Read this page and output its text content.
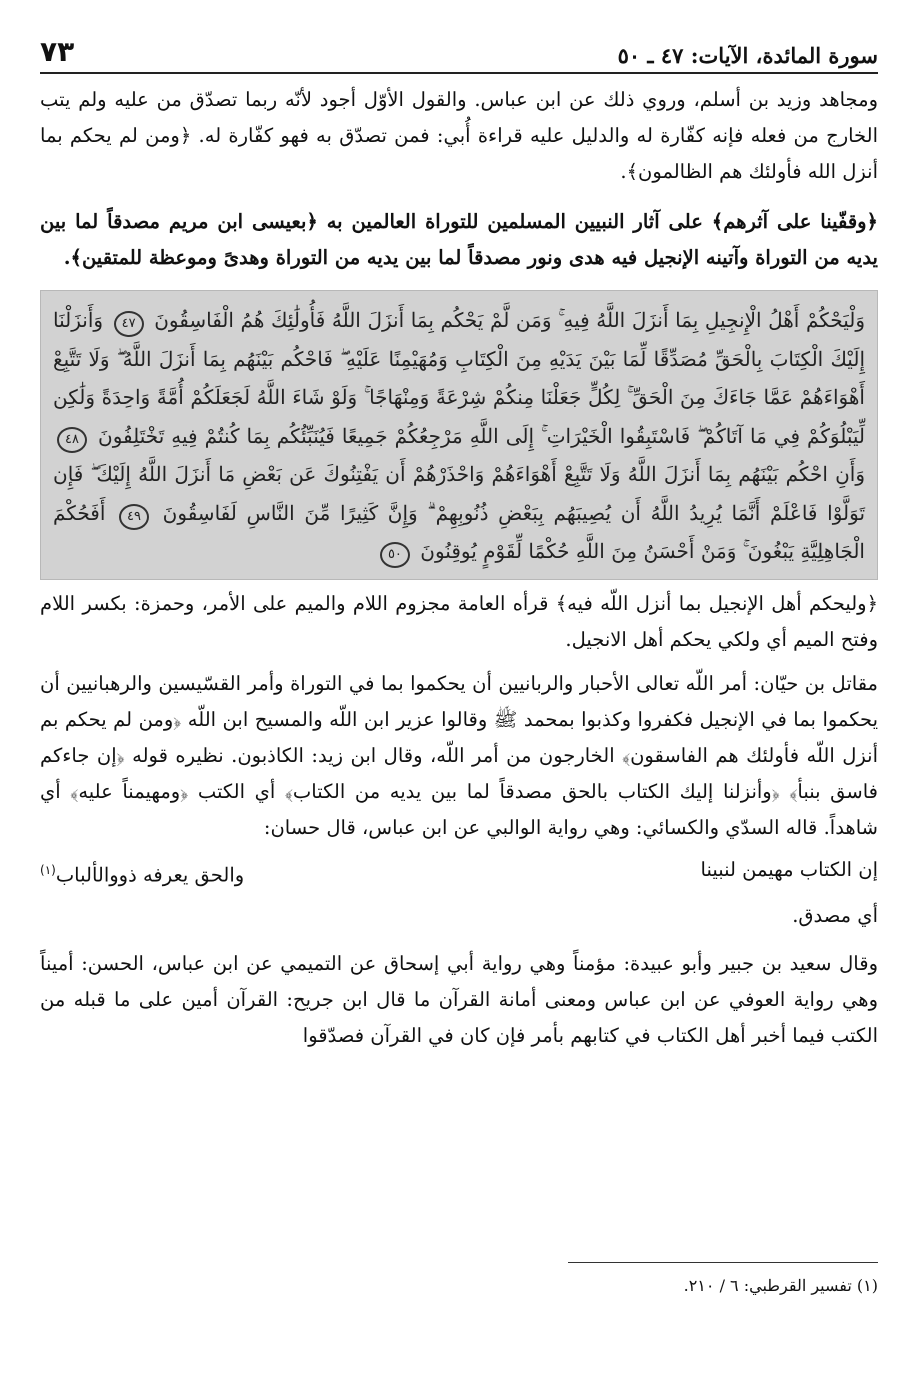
سورة المائدة، الآيات: ٤٧ ـ ٥٠
٧٣

ومجاهد وزيد بن أسلم، وروي ذلك عن ابن عباس. والقول الأوّل أجود لأنّه ربما تصدّق من عليه ولم يتب الخارج من فعله فإنه كفّارة له والدليل عليه قراءة أُبي: فمن تصدّق به فهو كفّارة له. ﴿ومن لم يحكم بما أنزل الله فأولئك هم الظالمون﴾.

﴿وقفّينا على آثرهم﴾ على آثار النبيين المسلمين للتوراة العالمين به ﴿بعيسى ابن مريم مصدقاً لما بين يديه من التوراة وآتينه الإنجيل فيه هدى ونور مصدقاً لما بين يديه من التوراة وهدىً وموعظة للمتقين﴾.

وَلْيَحْكُمْ أَهْلُ الْإِنجِيلِ بِمَا أَنزَلَ اللَّهُ فِيهِ ۚ وَمَن لَّمْ يَحْكُم بِمَا أَنزَلَ اللَّهُ فَأُولَٰئِكَ هُمُ الْفَاسِقُونَ ٤٧ وَأَنزَلْنَا إِلَيْكَ الْكِتَابَ بِالْحَقِّ مُصَدِّقًا لِّمَا بَيْنَ يَدَيْهِ مِنَ الْكِتَابِ وَمُهَيْمِنًا عَلَيْهِ ۖ فَاحْكُم بَيْنَهُم بِمَا أَنزَلَ اللَّهُ ۖ وَلَا تَتَّبِعْ أَهْوَاءَهُمْ عَمَّا جَاءَكَ مِنَ الْحَقِّ ۚ لِكُلٍّ جَعَلْنَا مِنكُمْ شِرْعَةً وَمِنْهَاجًا ۚ وَلَوْ شَاءَ اللَّهُ لَجَعَلَكُمْ أُمَّةً وَاحِدَةً وَلَٰكِن لِّيَبْلُوَكُمْ فِي مَا آتَاكُمْ ۖ فَاسْتَبِقُوا الْخَيْرَاتِ ۚ إِلَى اللَّهِ مَرْجِعُكُمْ جَمِيعًا فَيُنَبِّئُكُم بِمَا كُنتُمْ فِيهِ تَخْتَلِفُونَ ٤٨ وَأَنِ احْكُم بَيْنَهُم بِمَا أَنزَلَ اللَّهُ وَلَا تَتَّبِعْ أَهْوَاءَهُمْ وَاحْذَرْهُمْ أَن يَفْتِنُوكَ عَن بَعْضِ مَا أَنزَلَ اللَّهُ إِلَيْكَ ۖ فَإِن تَوَلَّوْا فَاعْلَمْ أَنَّمَا يُرِيدُ اللَّهُ أَن يُصِيبَهُم بِبَعْضِ ذُنُوبِهِمْ ۗ وَإِنَّ كَثِيرًا مِّنَ النَّاسِ لَفَاسِقُونَ ٤٩ أَفَحُكْمَ الْجَاهِلِيَّةِ يَبْغُونَ ۚ وَمَنْ أَحْسَنُ مِنَ اللَّهِ حُكْمًا لِّقَوْمٍ يُوقِنُونَ ٥٠

﴿وليحكم أهل الإنجيل بما أنزل اللّه فيه﴾ قرأه العامة مجزوم اللام والميم على الأمر، وحمزة: بكسر اللام وفتح الميم أي ولكي يحكم أهل الانجيل.

مقاتل بن حيّان: أمر اللّه تعالى الأحبار والربانيين أن يحكموا بما في التوراة وأمر القسّيسين والرهبانيين أن يحكموا بما في الإنجيل فكفروا وكذبوا بمحمد ﷺ وقالوا عزير ابن اللّه والمسيح ابن اللّه ﴿ومن لم يحكم بم أنزل اللّه فأولئك هم الفاسقون﴾ الخارجون من أمر اللّه، وقال ابن زيد: الكاذبون. نظيره قوله ﴿إن جاءكم فاسق بنبأ﴾ ﴿وأنزلنا إليك الكتاب بالحق مصدقاً لما بين يديه من الكتاب﴾ أي الكتب ﴿ومهيمناً عليه﴾ أي شاهداً. قاله السدّي والكسائي: وهي رواية الوالبي عن ابن عباس، قال حسان:

إن الكتاب مهيمن لنبينا
والحق يعرفه ذووالألباب$^{(١)}$

أي مصدق.

وقال سعيد بن جبير وأبو عبيدة: مؤمناً وهي رواية أبي إسحاق عن التميمي عن ابن عباس، الحسن: أميناً وهي رواية العوفي عن ابن عباس ومعنى أمانة القرآن ما قال ابن جريح: القرآن أمين على ما قبله من الكتب فيما أخبر أهل الكتاب في كتابهم بأمر فإن كان في القرآن فصدّقوا

(١) تفسير القرطبي: ٦ / ٢١٠.
